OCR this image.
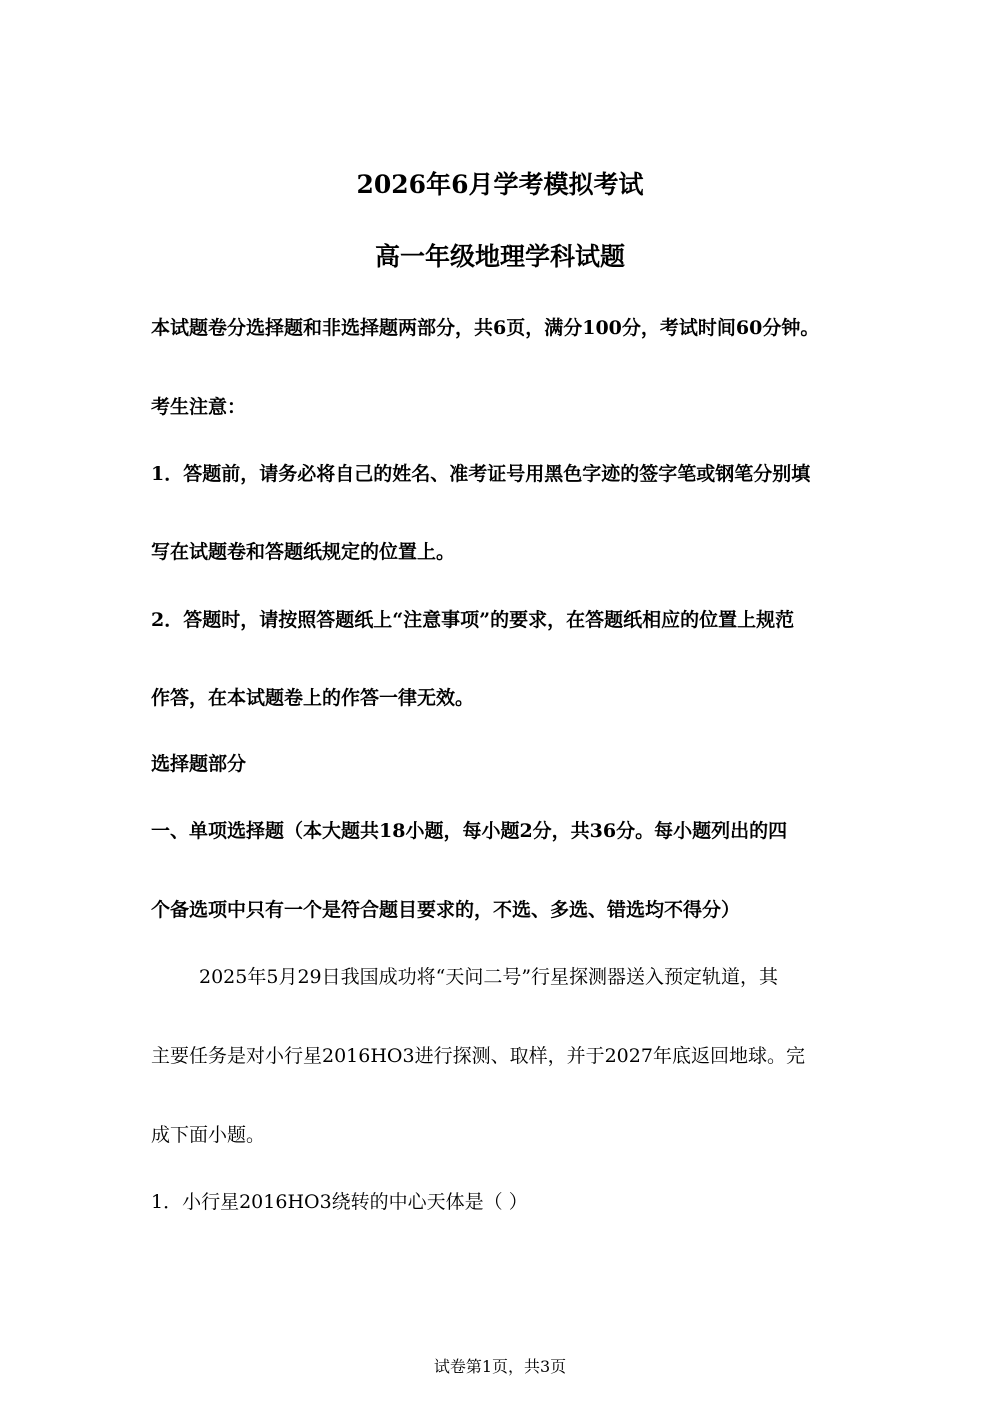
2026年6月学考模拟考试
高一年级地理学科试题
本试题卷分选择题和非选择题两部分，共6页，满分100分，考试时间60分钟。
考生注意：
1．答题前，请务必将自己的姓名、准考证号用黑色字迹的签字笔或钢笔分别填
写在试题卷和答题纸规定的位置上。
2．答题时，请按照答题纸上“注意事项”的要求，在答题纸相应的位置上规范
作答，在本试题卷上的作答一律无效。
选择题部分
一、单项选择题（本大题共18小题，每小题2分，共36分。每小题列出的四
个备选项中只有一个是符合题目要求的，不选、多选、错选均不得分）
2025年5月29日我国成功将“天问二号”行星探测器送入预定轨道，其
主要任务是对小行星2016HO3进行探测、取样，并于2027年底返回地球。完
成下面小题。
1．小行星2016HO3绕转的中心天体是（ ）
试卷第1页，共3页
